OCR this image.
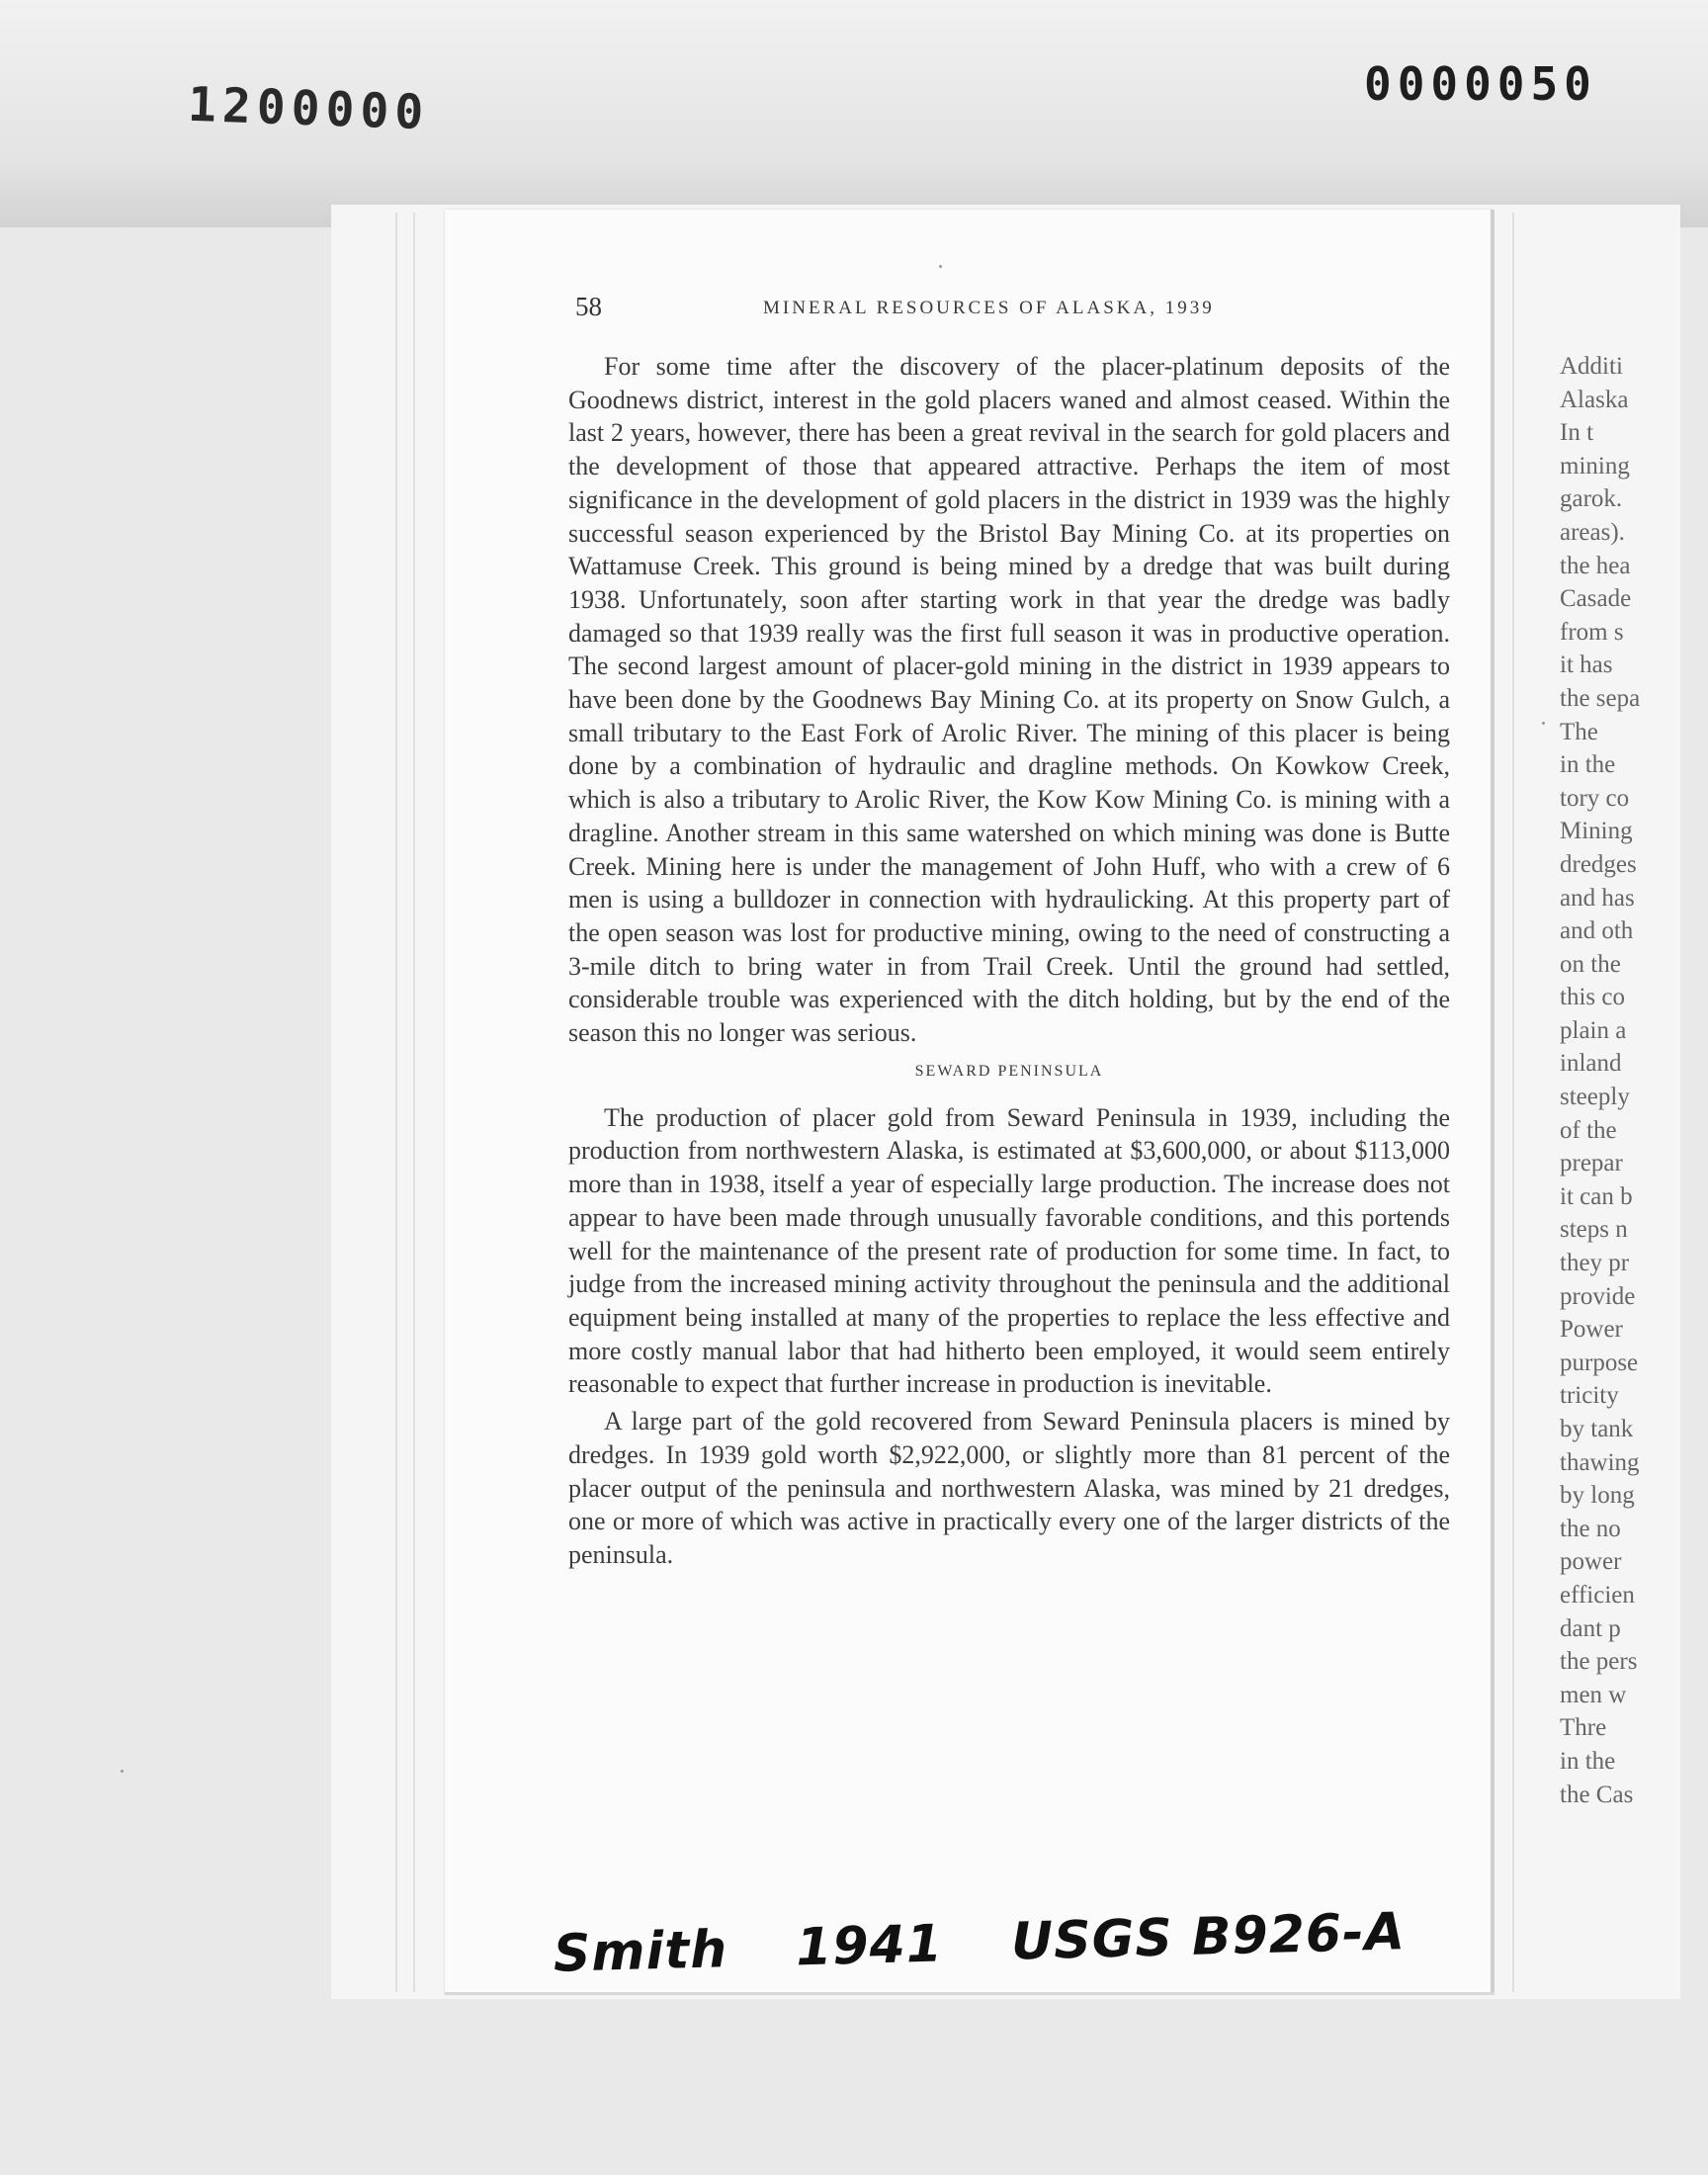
1200000	0000050
58	MINERAL RESOURCES OF ALASKA, 1939

For some time after the discovery of the placer-platinum deposits of the Goodnews district, interest in the gold placers waned and almost ceased. Within the last 2 years, however, there has been a great revival in the search for gold placers and the development of those that appeared attractive. Perhaps the item of most significance in the development of gold placers in the district in 1939 was the highly successful season experienced by the Bristol Bay Mining Co. at its properties on Wattamuse Creek. This ground is being mined by a dredge that was built during 1938. Unfortunately, soon after starting work in that year the dredge was badly damaged so that 1939 really was the first full season it was in productive operation. The second largest amount of placer-gold mining in the district in 1939 appears to have been done by the Goodnews Bay Mining Co. at its property on Snow Gulch, a small tributary to the East Fork of Arolic River. The mining of this placer is being done by a combination of hydraulic and dragline methods. On Kowkow Creek, which is also a tributary to Arolic River, the Kow Kow Mining Co. is mining with a dragline. Another stream in this same watershed on which mining was done is Butte Creek. Mining here is under the management of John Huff, who with a crew of 6 men is using a bulldozer in connection with hydraulicking. At this property part of the open season was lost for productive mining, owing to the need of constructing a 3-mile ditch to bring water in from Trail Creek. Until the ground had settled, considerable trouble was experienced with the ditch holding, but by the end of the season this no longer was serious.

SEWARD PENINSULA

The production of placer gold from Seward Peninsula in 1939, including the production from northwestern Alaska, is estimated at $3,600,000, or about $113,000 more than in 1938, itself a year of especially large production. The increase does not appear to have been made through unusually favorable conditions, and this portends well for the maintenance of the present rate of production for some time. In fact, to judge from the increased mining activity throughout the peninsula and the additional equipment being installed at many of the properties to replace the less effective and more costly manual labor that had hitherto been employed, it would seem entirely reasonable to expect that further increase in production is inevitable.

A large part of the gold recovered from Seward Peninsula placers is mined by dredges. In 1939 gold worth $2,922,000, or slightly more than 81 percent of the placer output of the peninsula and northwestern Alaska, was mined by 21 dredges, one or more of which was active in practically every one of the larger districts of the peninsula.

Additi
Alaska
In t
mining
garok.
areas).
the hea
Casade
from s
it has
the sepa
The
in the
tory co
Mining
dredges
and has
and oth
on the
this co
plain a
inland
steeply
of the
prepar
it can b
steps n
they pr
provide
Power
purpose
tricity
by tank
thawing
by long
the no
power
efficien
dant p
the pers
men w
Thre
in the
the Cas
Smith 1941 USGS B926-A
